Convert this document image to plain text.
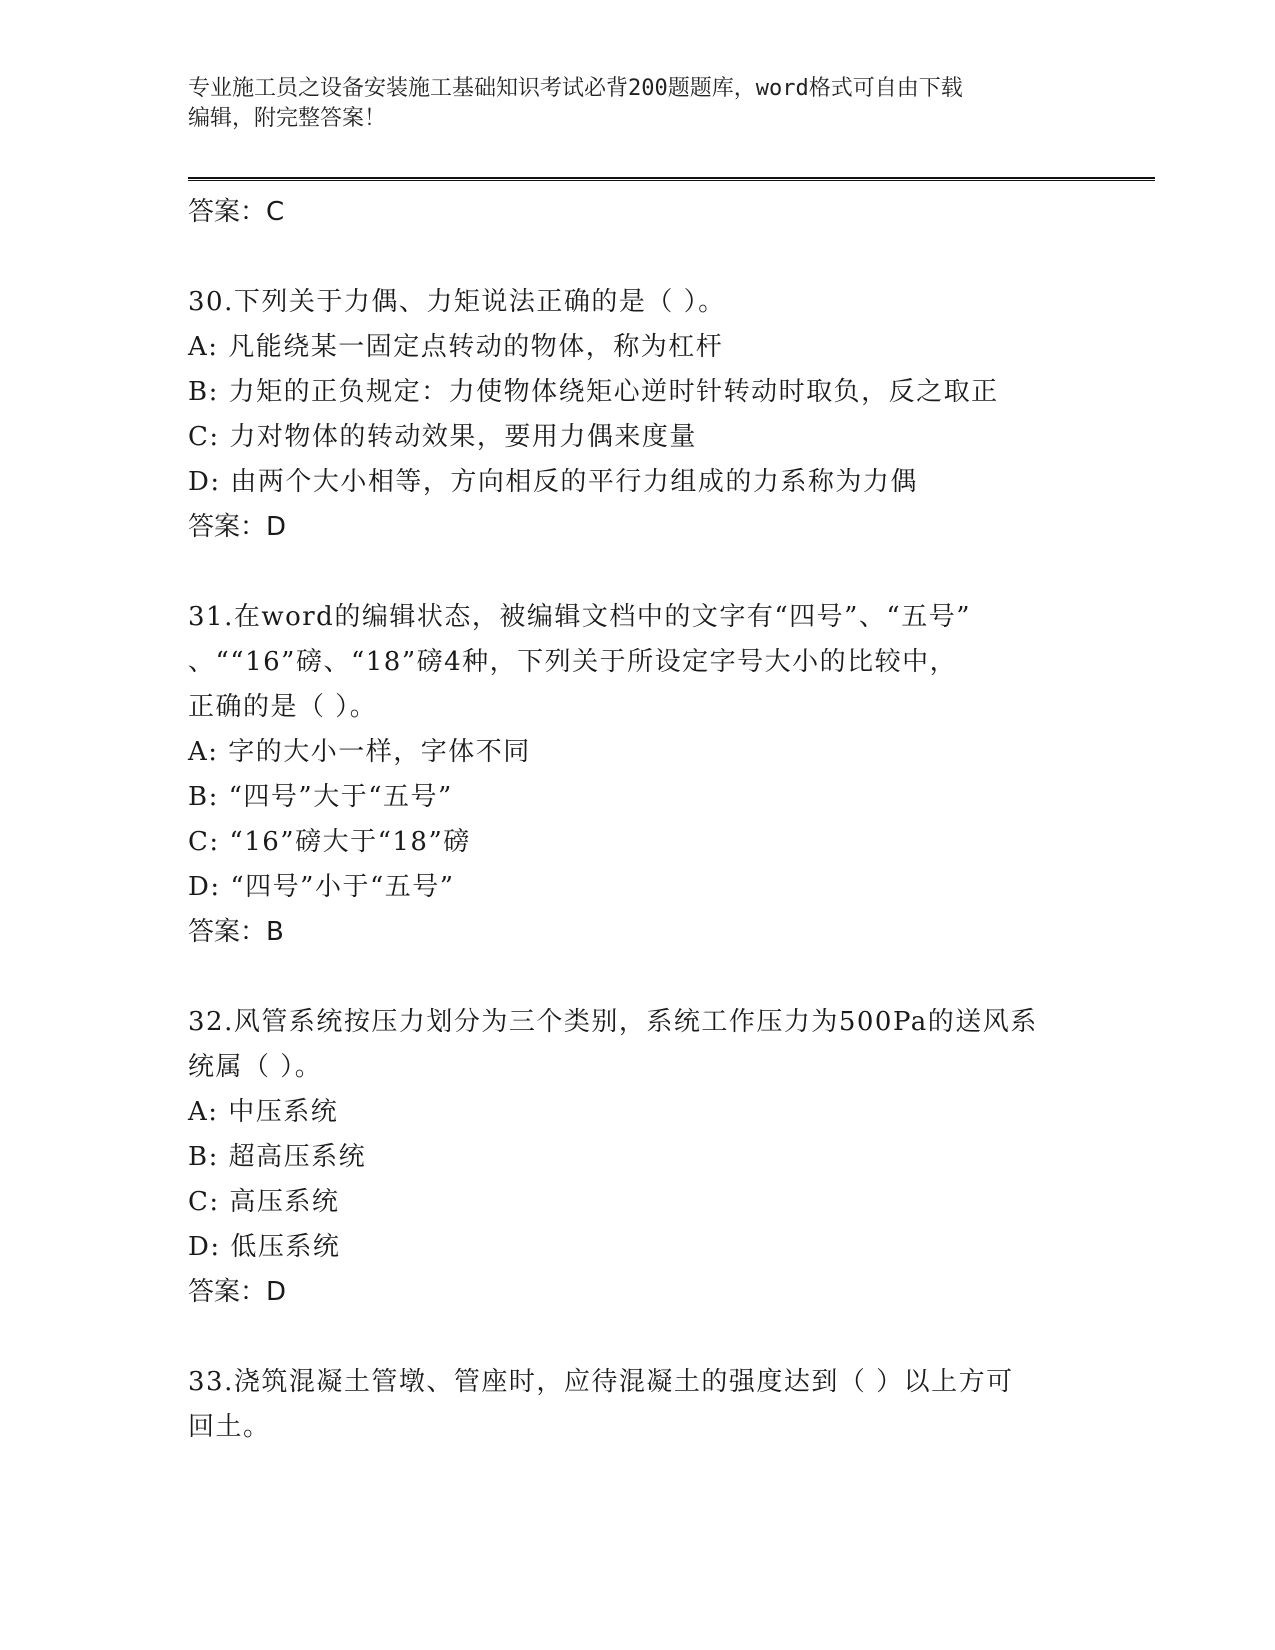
专业施工员之设备安装施工基础知识考试必背200题题库，word格式可自由下载
编辑，附完整答案！
答案：C
30.下列关于力偶、力矩说法正确的是（ ）。
A: 凡能绕某一固定点转动的物体，称为杠杆
B: 力矩的正负规定：力使物体绕矩心逆时针转动时取负，反之取正
C: 力对物体的转动效果，要用力偶来度量
D: 由两个大小相等，方向相反的平行力组成的力系称为力偶
答案：D
31.在word的编辑状态，被编辑文档中的文字有“四号”、“五号”
、““16”磅、“18”磅4种，下列关于所设定字号大小的比较中，
正确的是（ ）。
A: 字的大小一样，字体不同
B: “四号”大于“五号”
C: “16”磅大于“18”磅
D: “四号”小于“五号”
答案：B
32.风管系统按压力划分为三个类别，系统工作压力为500Pa的送风系
统属（ ）。
A: 中压系统
B: 超高压系统
C: 高压系统
D: 低压系统
答案：D
33.浇筑混凝土管墩、管座时，应待混凝土的强度达到（ ）以上方可
回土。
